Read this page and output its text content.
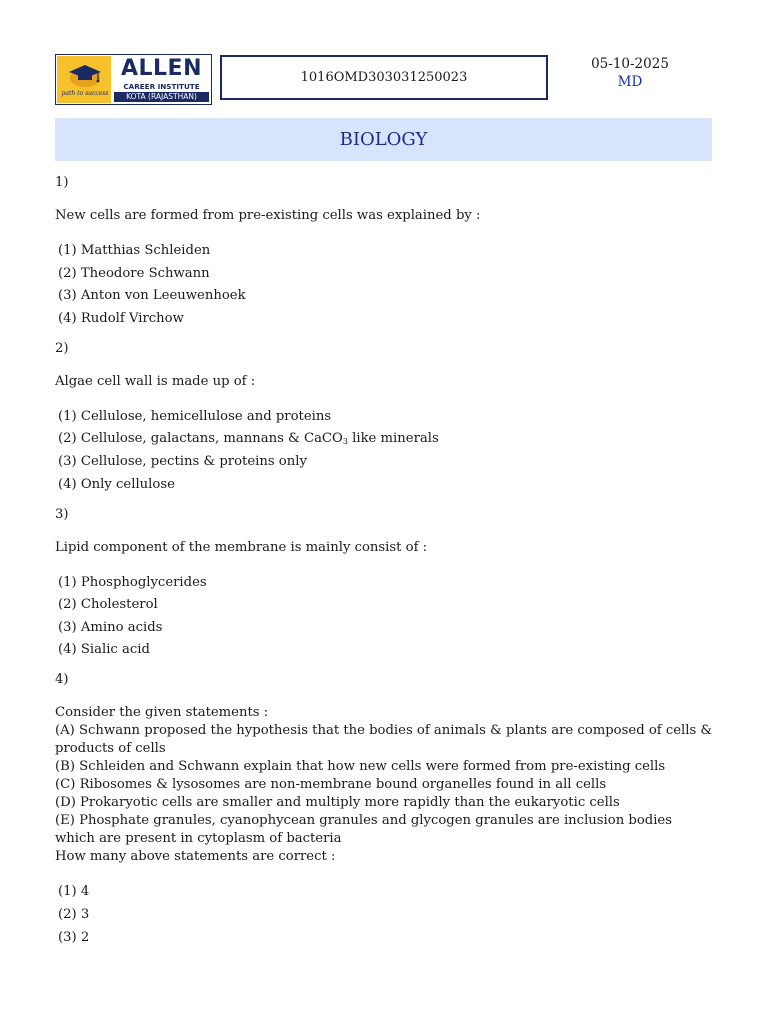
path to success
ALLEN
CAREER INSTITUTE
KOTA (RAJASTHAN)
1016OMD303031250023
05-10-2025
MD
BIOLOGY
1)
New cells are formed from pre-existing cells was explained by :
(1) Matthias Schleiden
(2) Theodore Schwann
(3) Anton von Leeuwenhoek
(4) Rudolf Virchow
2)
Algae cell wall is made up of :
(1) Cellulose, hemicellulose and proteins
(2) Cellulose, galactans, mannans & CaCO$_3$ like minerals
(3) Cellulose, pectins & proteins only
(4) Only cellulose
3)
Lipid component of the membrane is mainly consist of :
(1) Phosphoglycerides
(2) Cholesterol
(3) Amino acids
(4) Sialic acid
4)
Consider the given statements :
(A) Schwann proposed the hypothesis that the bodies of animals & plants are composed of cells & products of cells
(B) Schleiden and Schwann explain that how new cells were formed from pre-existing cells
(C) Ribosomes & lysosomes are non-membrane bound organelles found in all cells
(D) Prokaryotic cells are smaller and multiply more rapidly than the eukaryotic cells
(E) Phosphate granules, cyanophycean granules and glycogen granules are inclusion bodies which are present in cytoplasm of bacteria
How many above statements are correct :
(1) 4
(2) 3
(3) 2
